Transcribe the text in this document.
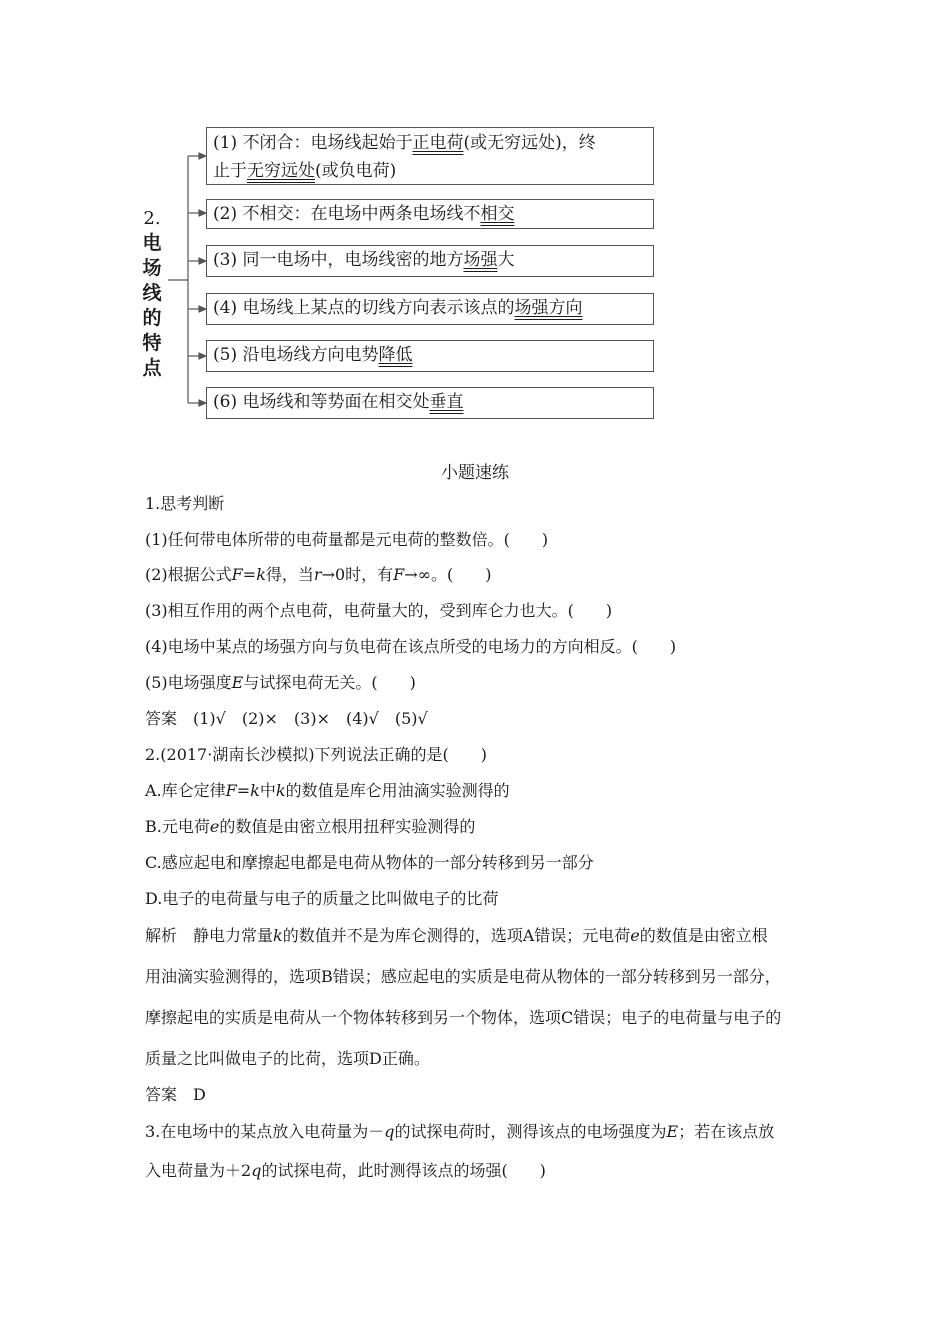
2.
电
场
线
的
特
点
(1) 不闭合：电场线起始于正电荷(或无穷远处)，终
止于无穷远处(或负电荷)
(2) 不相交：在电场中两条电场线不相交
(3) 同一电场中，电场线密的地方场强大
(4) 电场线上某点的切线方向表示该点的场强方向
(5) 沿电场线方向电势降低
(6) 电场线和等势面在相交处垂直
小题速练
1.思考判断
(1)任何带电体所带的电荷量都是元电荷的整数倍。(　　)
(2)根据公式F=k得，当r→0时，有F→∞。(　　)
(3)相互作用的两个点电荷，电荷量大的，受到库仑力也大。(　　)
(4)电场中某点的场强方向与负电荷在该点所受的电场力的方向相反。(　　)
(5)电场强度E与试探电荷无关。(　　)
答案　(1)√　(2)×　(3)×　(4)√　(5)√
2.(2017·湖南长沙模拟)下列说法正确的是(　　)
A.库仑定律F=k中k的数值是库仑用油滴实验测得的
B.元电荷e的数值是由密立根用扭秤实验测得的
C.感应起电和摩擦起电都是电荷从物体的一部分转移到另一部分
D.电子的电荷量与电子的质量之比叫做电子的比荷
解析　静电力常量k的数值并不是为库仑测得的，选项A错误；元电荷e的数值是由密立根
用油滴实验测得的，选项B错误；感应起电的实质是电荷从物体的一部分转移到另一部分，
摩擦起电的实质是电荷从一个物体转移到另一个物体，选项C错误；电子的电荷量与电子的
质量之比叫做电子的比荷，选项D正确。
答案　D
3.在电场中的某点放入电荷量为－q的试探电荷时，测得该点的电场强度为E；若在该点放
入电荷量为＋2q的试探电荷，此时测得该点的场强(　　)
